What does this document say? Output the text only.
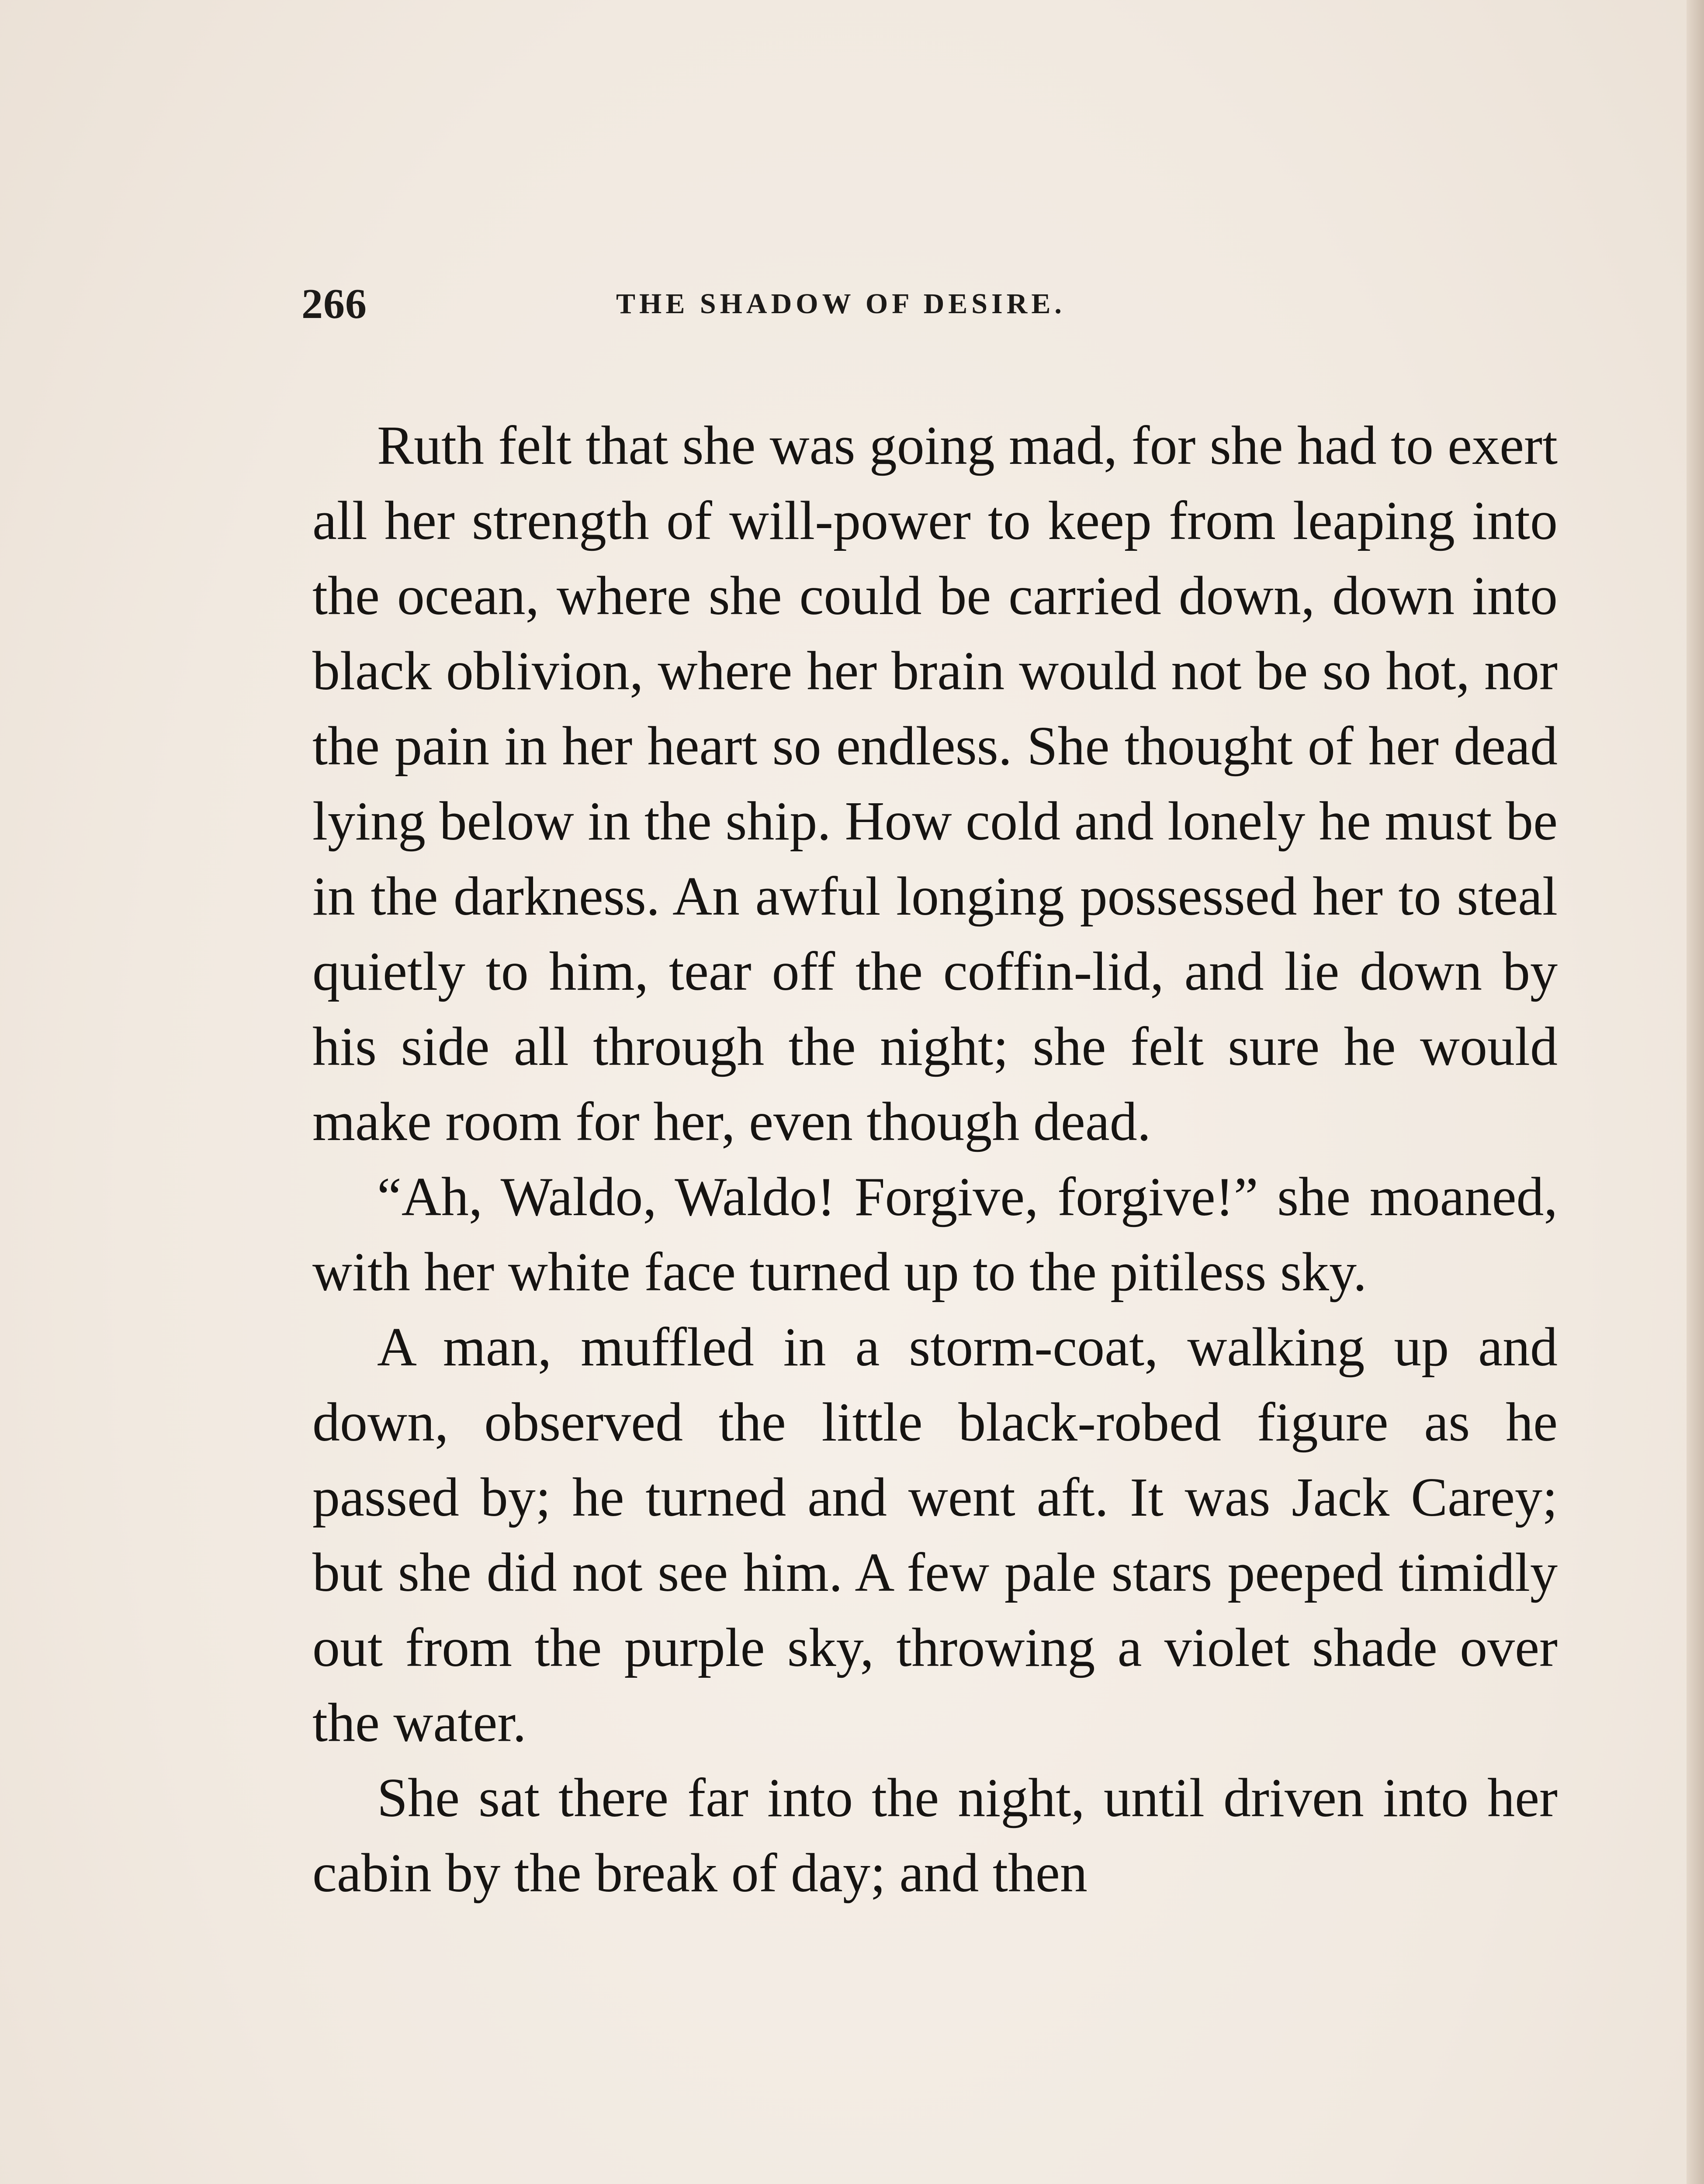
266	THE SHADOW OF DESIRE.

Ruth felt that she was going mad, for she had to exert all her strength of will-power to keep from leaping into the ocean, where she could be carried down, down into black oblivion, where her brain would not be so hot, nor the pain in her heart so endless. She thought of her dead lying below in the ship. How cold and lonely he must be in the darkness. An awful longing possessed her to steal quietly to him, tear off the coffin-lid, and lie down by his side all through the night; she felt sure he would make room for her, even though dead.

“Ah, Waldo, Waldo! Forgive, forgive!” she moaned, with her white face turned up to the pitiless sky.

A man, muffled in a storm-coat, walking up and down, observed the little black-robed figure as he passed by; he turned and went aft. It was Jack Carey; but she did not see him. A few pale stars peeped timidly out from the purple sky, throwing a violet shade over the water.

She sat there far into the night, until driven into her cabin by the break of day; and then
